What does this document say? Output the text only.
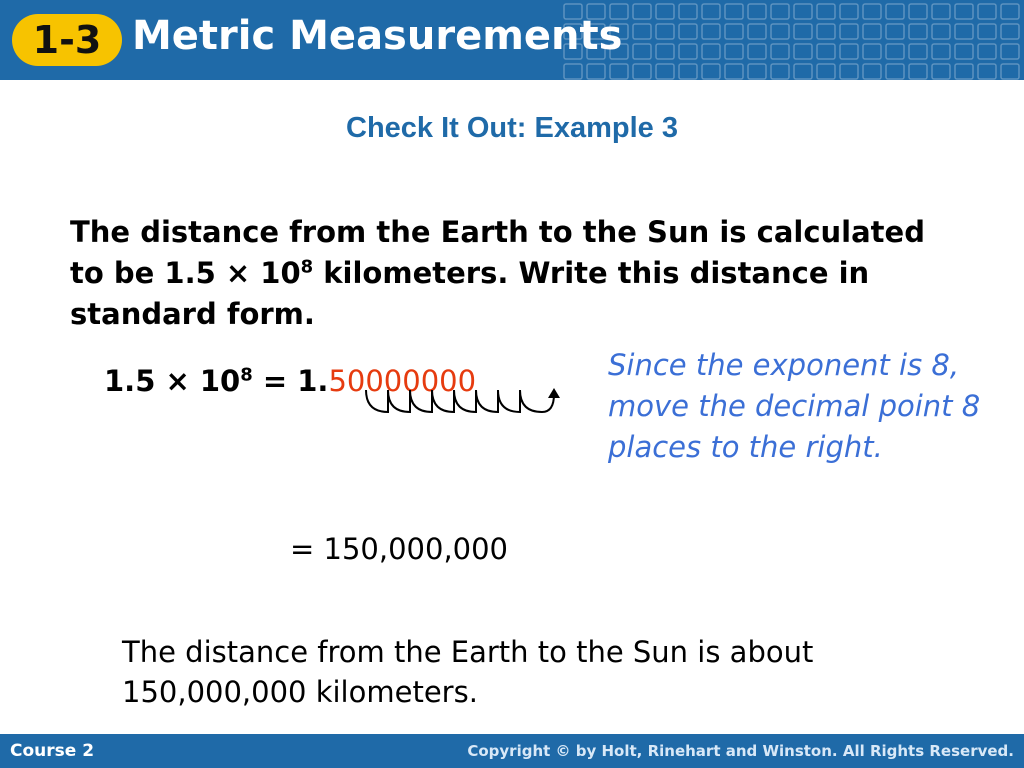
1-3 Metric Measurements
Check It Out: Example 3
The distance from the Earth to the Sun is calculated to be $1.5 \times 10^8$ kilometers. Write this distance in standard form.
$1.5 \times 10^8 = 1.50000000$	Since the exponent is 8, move the decimal point 8 places to the right.
= 150,000,000
The distance from the Earth to the Sun is about 150,000,000 kilometers.
Course 2	Copyright © by Holt, Rinehart and Winston. All Rights Reserved.
